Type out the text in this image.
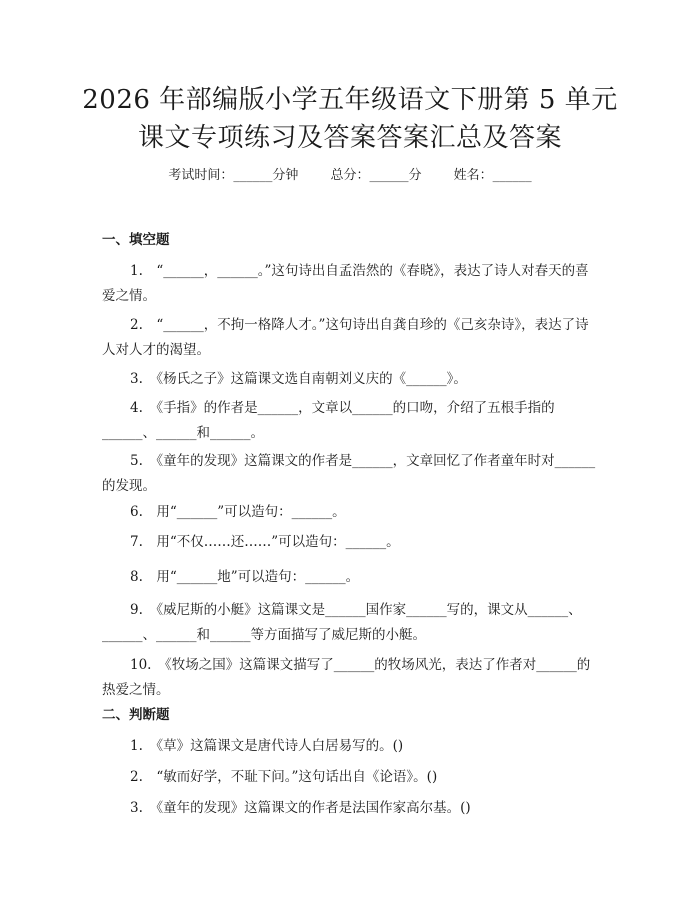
2026 年部编版小学五年级语文下册第 5 单元
课文专项练习及答案答案汇总及答案
考试时间：______分钟 总分：______分 姓名：______
一、填空题
1.　“______，______。”这句诗出自孟浩然的《春晓》，表达了诗人对春天的喜爱之情。
2.　“______，不拘一格降人才。”这句诗出自龚自珍的《己亥杂诗》，表达了诗人对人才的渴望。
3.　《杨氏之子》这篇课文选自南朝刘义庆的《______》。
4.　《手指》的作者是______，文章以______的口吻，介绍了五根手指的______、______和______。
5.　《童年的发现》这篇课文的作者是______，文章回忆了作者童年时对______的发现。
6.　用“______”可以造句：______。
7.　用“不仅……还……”可以造句：______。
8.　用“______地”可以造句：______。
9.　《威尼斯的小艇》这篇课文是______国作家______写的，课文从______、______、______和______等方面描写了威尼斯的小艇。
10.　《牧场之国》这篇课文描写了______的牧场风光，表达了作者对______的热爱之情。
二、判断题
1.　《草》这篇课文是唐代诗人白居易写的。()
2.　“敏而好学，不耻下问。”这句话出自《论语》。()
3.　《童年的发现》这篇课文的作者是法国作家高尔基。()
